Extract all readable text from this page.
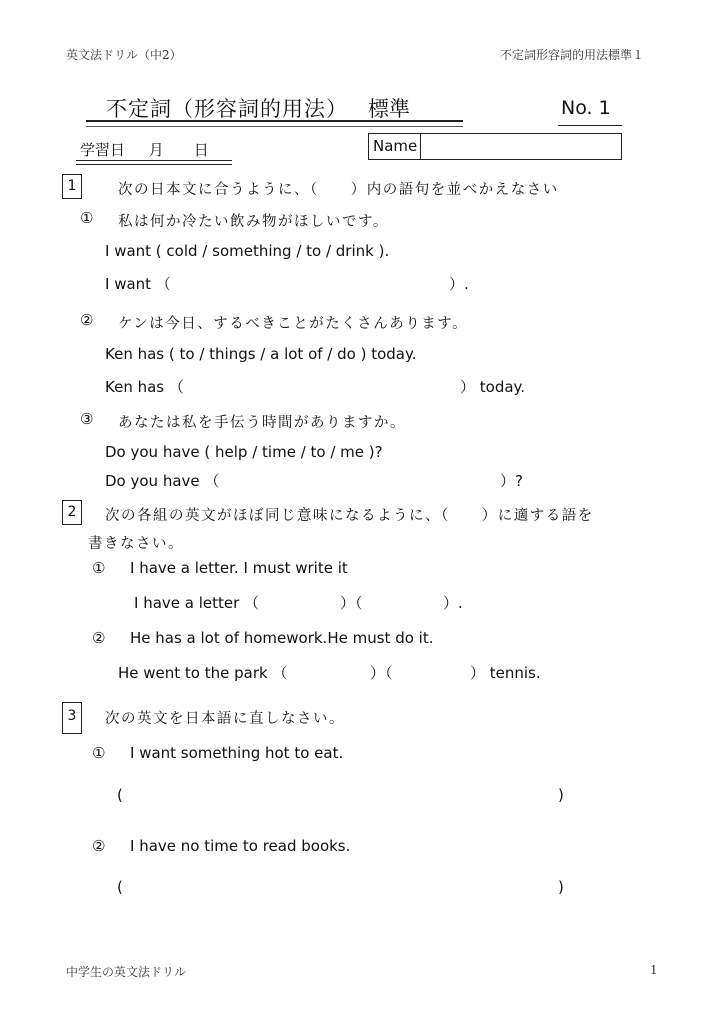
英文法ドリル（中2）	不定詞形容詞的用法標準１
不定詞（形容詞的用法） 標準	No. 1
学習日　 月　　日	Name
1	次の日本文に合うように、（　　）内の語句を並べかえなさい
① 私は何か冷たい飲み物がほしいです。
I want ( cold / something / to / drink ).
I want （	）.
② ケンは今日、するべきことがたくさんあります。
Ken has ( to / things / a lot of / do ) today.
Ken has （	） today.
③ あなたは私を手伝う時間がありますか。
Do you have ( help / time / to / me )?
Do you have （	）?
2	次の各組の英文がほぼ同じ意味になるように、（　　）に適する語を
書きなさい。
① I have a letter. I must write it
I have a letter （	）（	）.
② He has a lot of homework.He must do it.
He went to the park （	）（	） tennis.
3	次の英文を日本語に直しなさい。
① I want something hot to eat.
(	)
② I have no time to read books.
(	)
中学生の英文法ドリル	1
